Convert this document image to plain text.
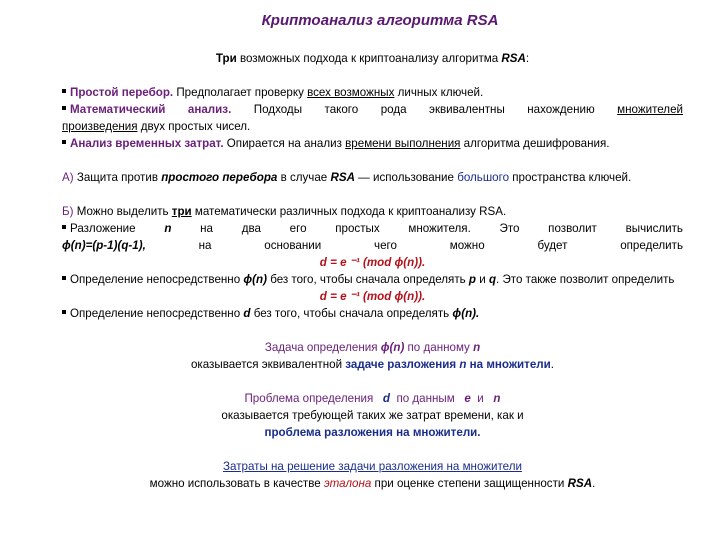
Криптоанализ алгоритма RSA

Три возможных подхода к криптоанализу алгоритма RSA:

Простой перебор. Предполагает проверку всех возможных личных ключей.

Математический анализ. Подходы такого рода эквивалентны нахождению множителей

произведения двух простых чисел.

Анализ временных затрат. Опирается на анализ времени выполнения алгоритма дешифрования.

А) Защита против простого перебора в случае RSA — использование большого пространства ключей.

Б) Можно выделить три математически различных подхода к криптоанализу RSA.

Разложение n на два его простых множителя. Это позволит вычислить

ϕ(n)=(p-1)(q-1), на основании чего можно будет определить

d = e ⁻¹ (mod ϕ(n)).

Определение непосредственно ϕ(n) без того, чтобы сначала определять p и q. Это также позволит определить

d = e ⁻¹ (mod ϕ(n)).

Определение непосредственно d без того, чтобы сначала определять ϕ(n).

Задача определения ϕ(n) по данному n

оказывается эквивалентной задаче разложения n на множители.

Проблема определения   d  по данным   e  и   n

оказывается требующей таких же затрат времени, как и

проблема разложения на множители.

Затраты на решение задачи разложения на множители

можно использовать в качестве эталона при оценке степени защищенности RSA.
